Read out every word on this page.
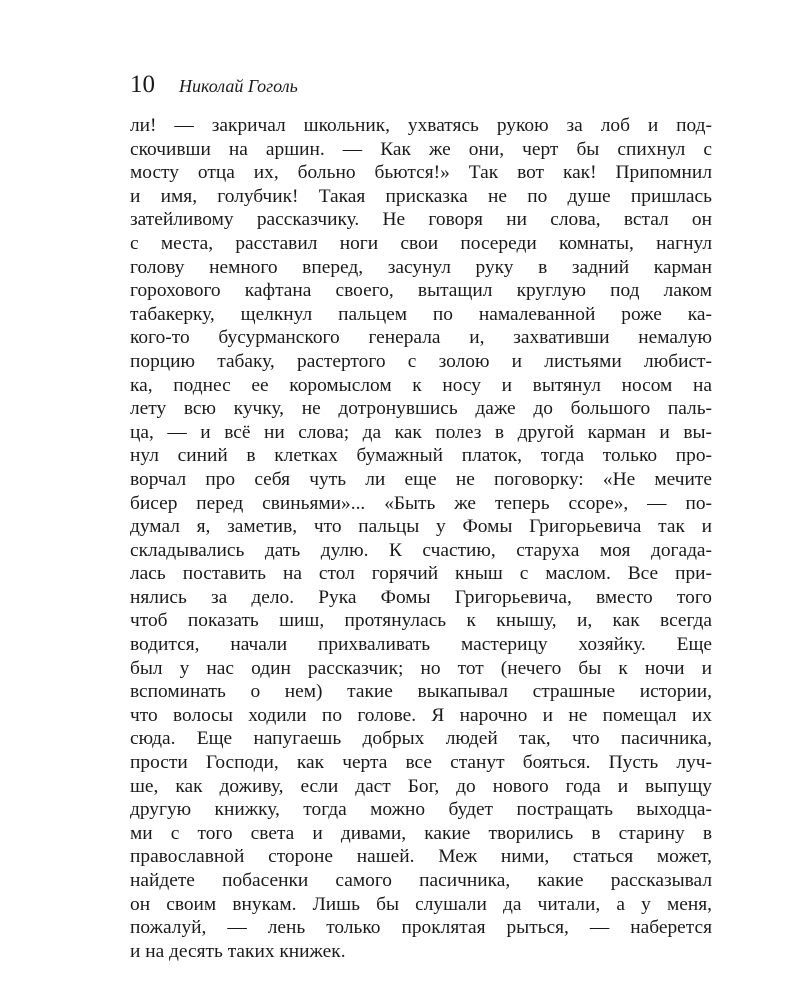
10 Николай Гоголь
ли! — закричал школьник, ухватясь рукою за лоб и под-
скочивши на аршин. — Как же они, черт бы спихнул с
мосту отца их, больно бьются!» Так вот как! Припомнил
и имя, голубчик! Такая присказка не по душе пришлась
затейливому рассказчику. Не говоря ни слова, встал он
с места, расставил ноги свои посереди комнаты, нагнул
голову немного вперед, засунул руку в задний карман
горохового кафтана своего, вытащил круглую под лаком
табакерку, щелкнул пальцем по намалеванной роже ка-
кого-то бусурманского генерала и, захвативши немалую
порцию табаку, растертого с золою и листьями любист-
ка, поднес ее коромыслом к носу и вытянул носом на
лету всю кучку, не дотронувшись даже до большого паль-
ца, — и всё ни слова; да как полез в другой карман и вы-
нул синий в клетках бумажный платок, тогда только про-
ворчал про себя чуть ли еще не поговорку: «Не мечите
бисер перед свиньями»... «Быть же теперь ссоре», — по-
думал я, заметив, что пальцы у Фомы Григорьевича так и
складывались дать дулю. К счастию, старуха моя догада-
лась поставить на стол горячий кныш с маслом. Все при-
нялись за дело. Рука Фомы Григорьевича, вместо того
чтоб показать шиш, протянулась к кнышу, и, как всегда
водится, начали прихваливать мастерицу хозяйку. Еще
был у нас один рассказчик; но тот (нечего бы к ночи и
вспоминать о нем) такие выкапывал страшные истории,
что волосы ходили по голове. Я нарочно и не помещал их
сюда. Еще напугаешь добрых людей так, что пасичника,
прости Господи, как черта все станут бояться. Пусть луч-
ше, как доживу, если даст Бог, до нового года и выпущу
другую книжку, тогда можно будет постращать выходца-
ми с того света и дивами, какие творились в старину в
православной стороне нашей. Меж ними, статься может,
найдете побасенки самого пасичника, какие рассказывал
он своим внукам. Лишь бы слушали да читали, а у меня,
пожалуй, — лень только проклятая рыться, — наберется
и на десять таких книжек.
